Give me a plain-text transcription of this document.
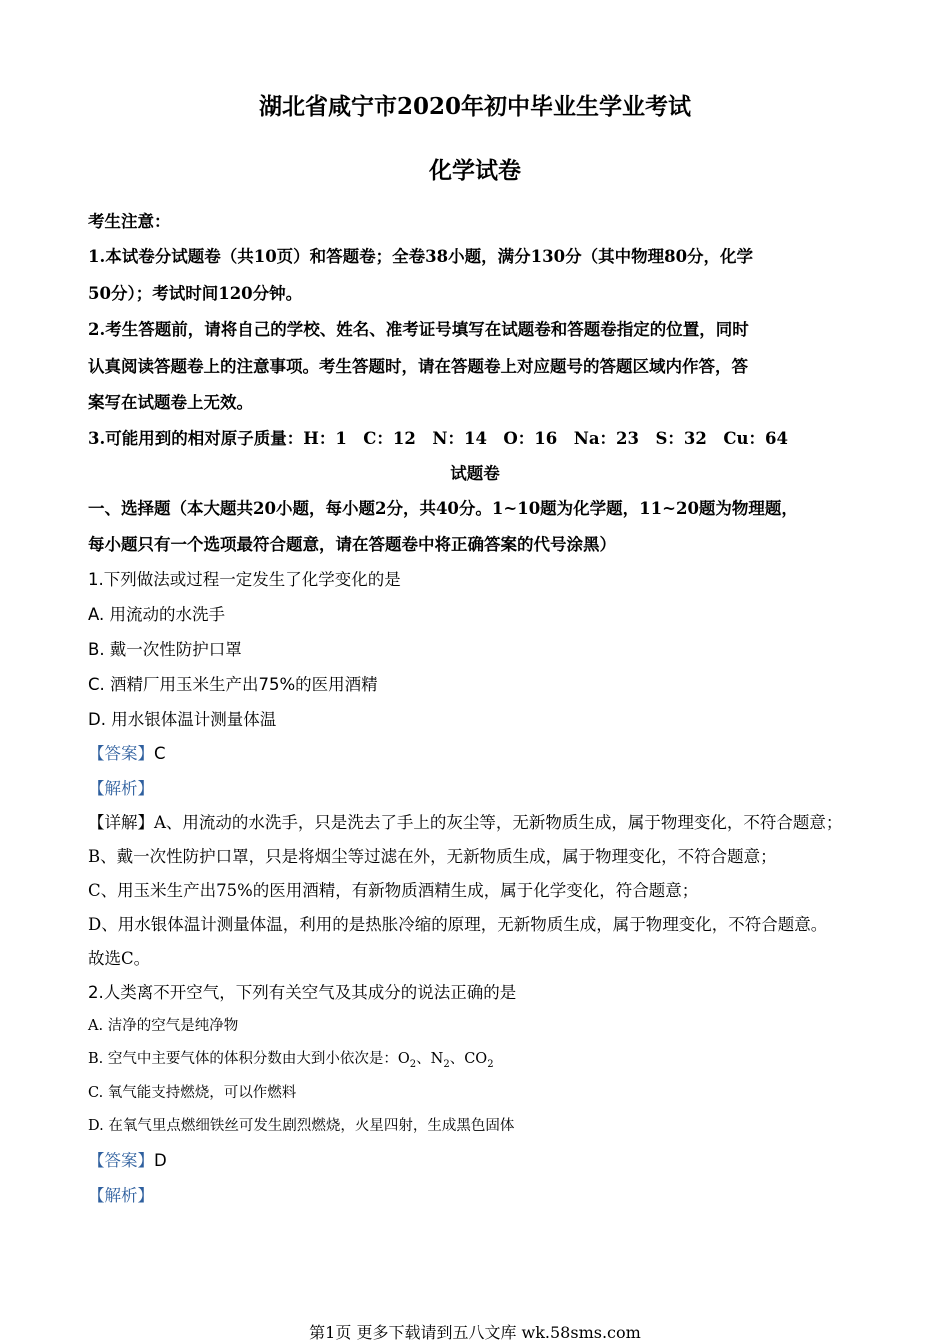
湖北省咸宁市2020年初中毕业生学业考试
化学试卷
考生注意：
1.本试卷分试题卷（共10页）和答题卷；全卷38小题，满分130分（其中物理80分，化学
50分）；考试时间120分钟。
2.考生答题前，请将自己的学校、姓名、准考证号填写在试题卷和答题卷指定的位置，同时
认真阅读答题卷上的注意事项。考生答题时，请在答题卷上对应题号的答题区域内作答，答
案写在试题卷上无效。
3.可能用到的相对原子质量：H：1　C：12　N：14　O：16　Na：23　S：32　Cu：64
试题卷
一、选择题（本大题共20小题，每小题2分，共40分。1~10题为化学题，11~20题为物理题，
每小题只有一个选项最符合题意，请在答题卷中将正确答案的代号涂黑）
1.下列做法或过程一定发生了化学变化的是
A. 用流动的水洗手
B. 戴一次性防护口罩
C. 酒精厂用玉米生产出75%的医用酒精
D. 用水银体温计测量体温
【答案】C
【解析】
【详解】A、用流动的水洗手，只是洗去了手上的灰尘等，无新物质生成，属于物理变化，不符合题意；
B、戴一次性防护口罩，只是将烟尘等过滤在外，无新物质生成，属于物理变化，不符合题意；
C、用玉米生产出75%的医用酒精，有新物质酒精生成，属于化学变化，符合题意；
D、用水银体温计测量体温，利用的是热胀冷缩的原理，无新物质生成，属于物理变化，不符合题意。
故选C。
2.人类离不开空气，下列有关空气及其成分的说法正确的是
A. 洁净的空气是纯净物
B. 空气中主要气体的体积分数由大到小依次是：$O_2$、$N_2$、$CO_2$
C. 氧气能支持燃烧，可以作燃料
D. 在氧气里点燃细铁丝可发生剧烈燃烧，火星四射，生成黑色固体
【答案】D
【解析】
第1页 更多下载请到五八文库 wk.58sms.com
